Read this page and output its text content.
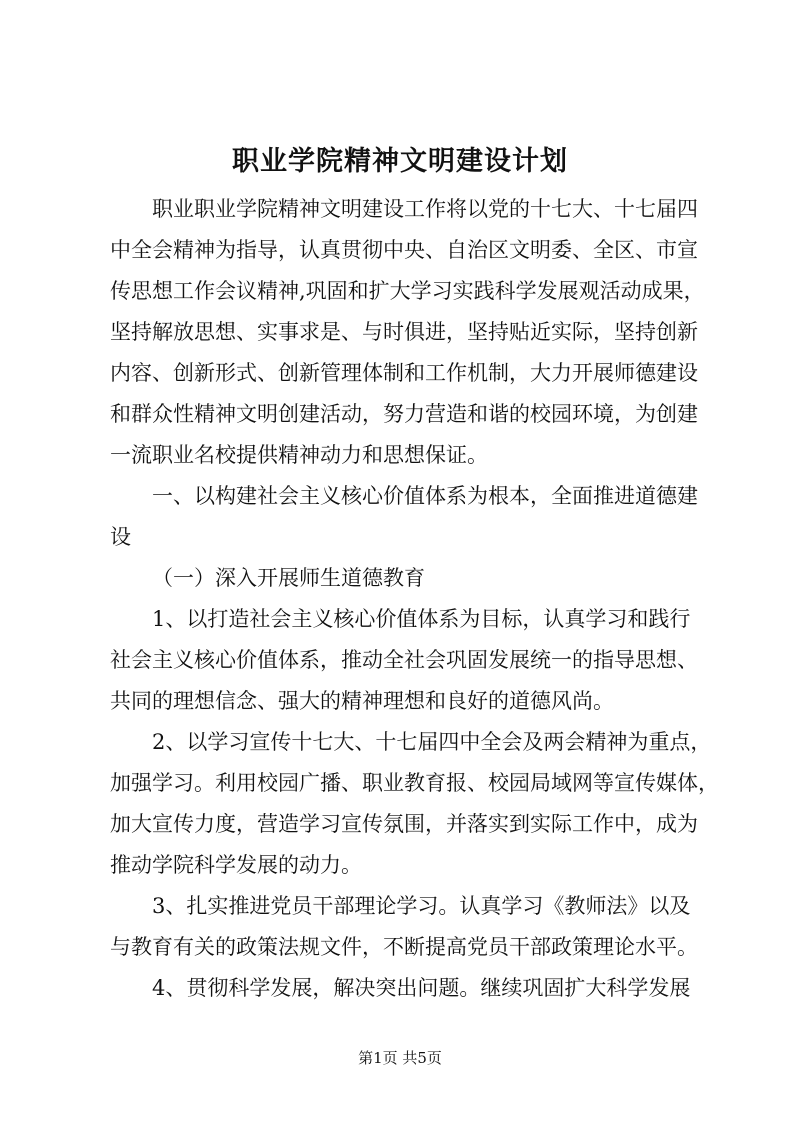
职业学院精神文明建设计划
职业职业学院精神文明建设工作将以党的十七大、十七届四
中全会精神为指导，认真贯彻中央、自治区文明委、全区、市宣
传思想工作会议精神,巩固和扩大学习实践科学发展观活动成果，
坚持解放思想、实事求是、与时俱进，坚持贴近实际，坚持创新
内容、创新形式、创新管理体制和工作机制，大力开展师德建设
和群众性精神文明创建活动，努力营造和谐的校园环境，为创建
一流职业名校提供精神动力和思想保证。
一、以构建社会主义核心价值体系为根本，全面推进道德建
设
（一）深入开展师生道德教育
1、以打造社会主义核心价值体系为目标，认真学习和践行
社会主义核心价值体系，推动全社会巩固发展统一的指导思想、
共同的理想信念、强大的精神理想和良好的道德风尚。
2、以学习宣传十七大、十七届四中全会及两会精神为重点，
加强学习。利用校园广播、职业教育报、校园局域网等宣传媒体，
加大宣传力度，营造学习宣传氛围，并落实到实际工作中，成为
推动学院科学发展的动力。
3、扎实推进党员干部理论学习。认真学习《教师法》以及
与教育有关的政策法规文件，不断提高党员干部政策理论水平。
4、贯彻科学发展，解决突出问题。继续巩固扩大科学发展
第1页 共5页
